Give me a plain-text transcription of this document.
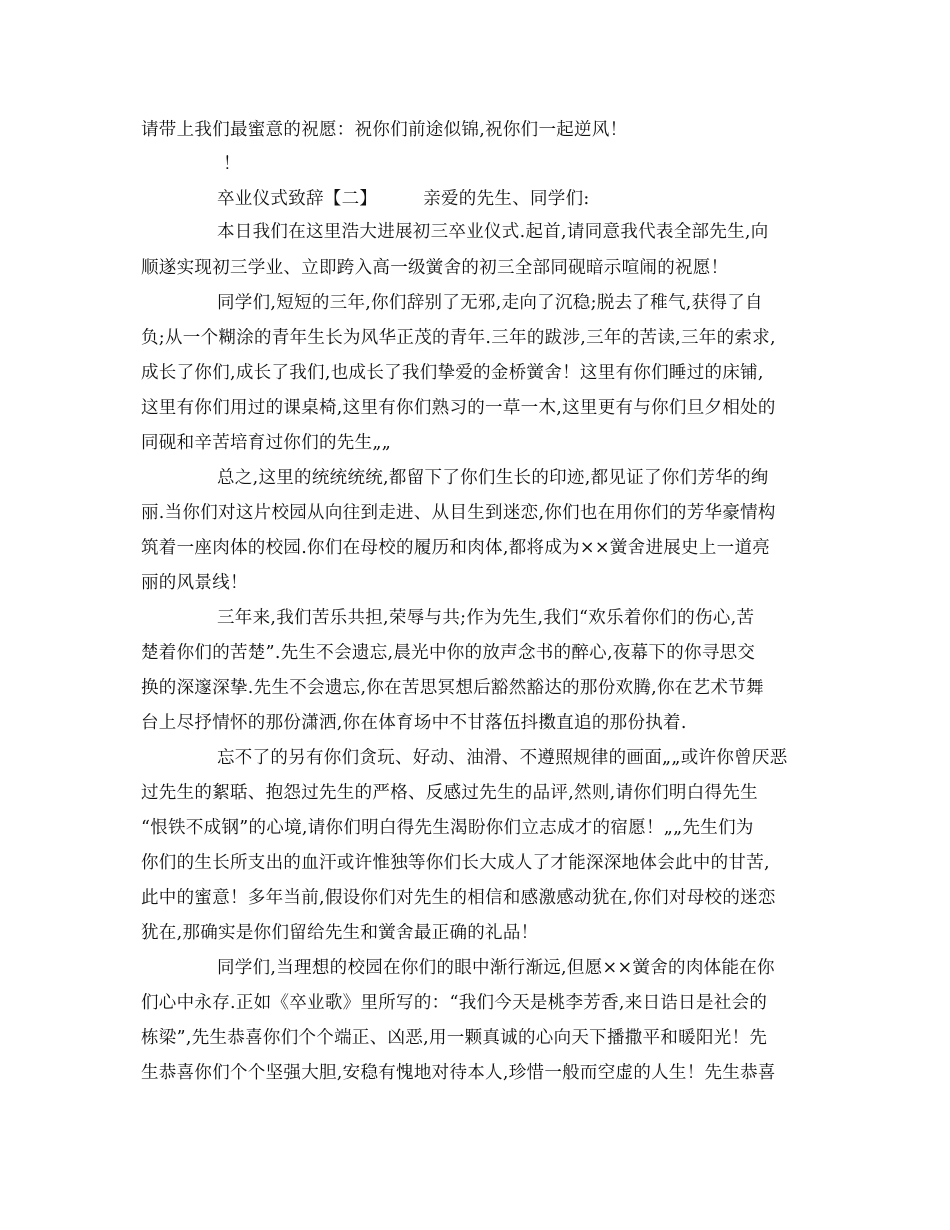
请带上我们最蜜意的祝愿：祝你们前途似锦,祝你们一起逆风！
！
卒业仪式致辞【二】	亲爱的先生、同学们:
本日我们在这里浩大进展初三卒业仪式.起首,请同意我代表全部先生,向
顺遂实现初三学业、立即跨入高一级黉舍的初三全部同砚暗示喧闹的祝愿！
同学们,短短的三年,你们辞别了无邪,走向了沉稳;脱去了稚气,获得了自
负;从一个糊涂的青年生长为风华正茂的青年.三年的跋涉,三年的苦读,三年的索求,
成长了你们,成长了我们,也成长了我们挚爱的金桥黉舍！这里有你们睡过的床铺,
这里有你们用过的课桌椅,这里有你们熟习的一草一木,这里更有与你们旦夕相处的
同砚和辛苦培育过你们的先生„„
总之,这里的统统统统,都留下了你们生长的印迹,都见证了你们芳华的绚
丽.当你们对这片校园从向往到走进、从目生到迷恋,你们也在用你们的芳华豪情构
筑着一座肉体的校园.你们在母校的履历和肉体,都将成为××黉舍进展史上一道亮
丽的风景线！
三年来,我们苦乐共担,荣辱与共;作为先生,我们“欢乐着你们的伤心,苦
楚着你们的苦楚”.先生不会遗忘,晨光中你的放声念书的醉心,夜幕下的你寻思交
换的深邃深挚.先生不会遗忘,你在苦思冥想后豁然豁达的那份欢腾,你在艺术节舞
台上尽抒情怀的那份潇洒,你在体育场中不甘落伍抖擞直追的那份执着.
忘不了的另有你们贪玩、好动、油滑、不遵照规律的画面„„或许你曾厌恶
过先生的絮聒、抱怨过先生的严格、反感过先生的品评,然则,请你们明白得先生
“恨铁不成钢”的心境,请你们明白得先生渴盼你们立志成才的宿愿！„„先生们为
你们的生长所支出的血汗或许惟独等你们长大成人了才能深深地体会此中的甘苦,
此中的蜜意！多年当前,假设你们对先生的相信和感激感动犹在,你们对母校的迷恋
犹在,那确实是你们留给先生和黉舍最正确的礼品！
同学们,当理想的校园在你们的眼中渐行渐远,但愿××黉舍的肉体能在你
们心中永存.正如《卒业歌》里所写的：“我们今天是桃李芳香,来日诰日是社会的
栋梁”,先生恭喜你们个个端正、凶恶,用一颗真诚的心向天下播撒平和暖阳光！先
生恭喜你们个个坚强大胆,安稳有愧地对待本人,珍惜一般而空虚的人生！先生恭喜
